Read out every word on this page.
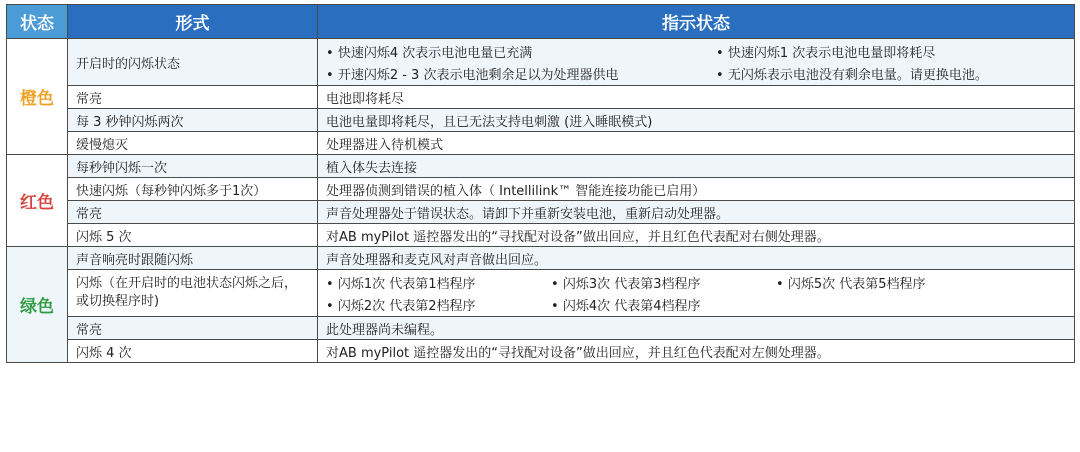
状态	形式	指示状态
橙色	开启时的闪烁状态	• 快速闪烁4 次表示电池电量已充满 • 快速闪烁1 次表示电池电量即将耗尽
• 开速闪烁2 - 3 次表示电池剩余足以为处理器供电 • 无闪烁表示电池没有剩余电量。请更换电池。

	常亮	电池即将耗尽
	每 3 秒钟闪烁两次	电池电量即将耗尽，且已无法支持电刺激 (进入睡眠模式)
	缓慢熄灭	处理器进入待机模式
红色	每秒钟闪烁一次	植入体失去连接
	快速闪烁（每秒钟闪烁多于1次）	处理器侦测到错误的植入体（ Intellilink™ 智能连接功能已启用）
	常亮	声音处理器处于错误状态。请卸下并重新安装电池，重新启动处理器。
	闪烁 5 次	对AB myPilot 遥控器发出的“寻找配对设备”做出回应，并且红色代表配对右侧处理器。
绿色	声音响亮时跟随闪烁	声音处理器和麦克风对声音做出回应。
	闪烁（在开启时的电池状态闪烁之后，或切换程序时)	• 闪烁1次 代表第1档程序 • 闪烁3次 代表第3档程序 • 闪烁5次 代表第5档程序
• 闪烁2次 代表第2档程序 • 闪烁4次 代表第4档程序

	常亮	此处理器尚未编程。
	闪烁 4 次	对AB myPilot 遥控器发出的“寻找配对设备”做出回应，并且红色代表配对左侧处理器。
